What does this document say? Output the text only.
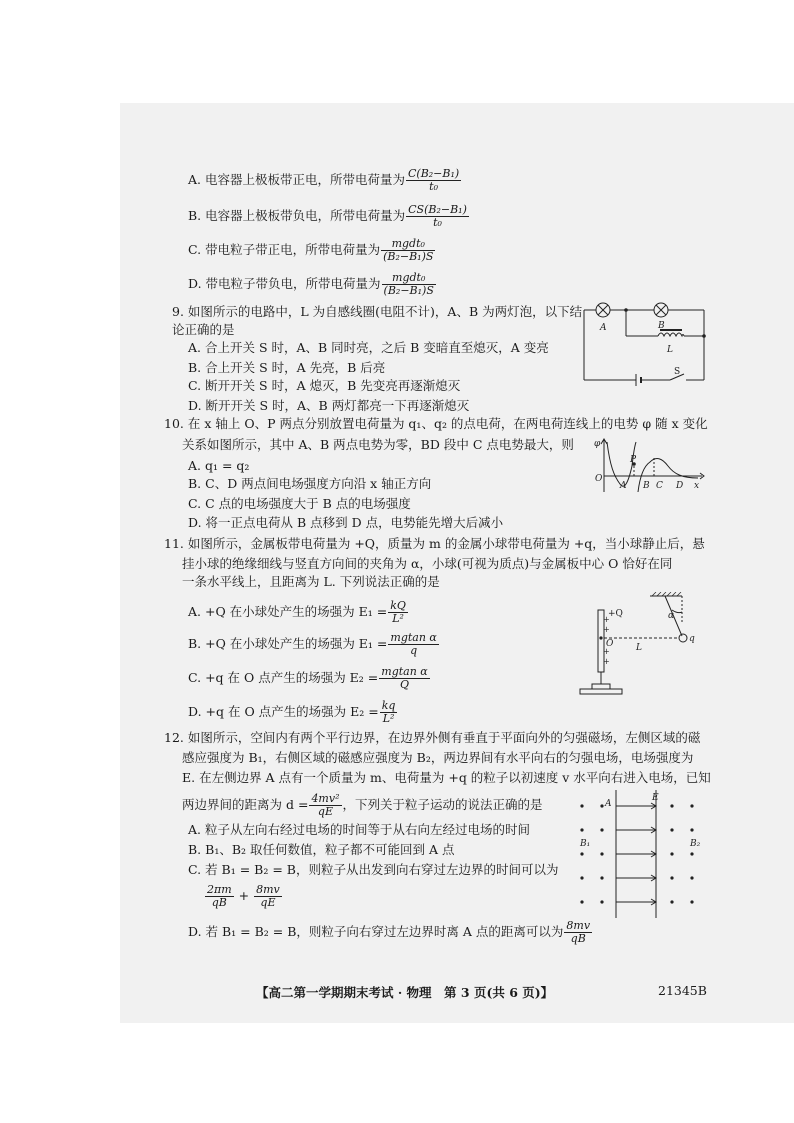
A. 电容器上极板带正电，所带电荷量为 $\frac{\text{C(B₂−B₁)}}{\text{t₀}}$
B. 电容器上极板带负电，所带电荷量为 $\frac{\text{CS(B₂−B₁)}}{\text{t₀}}$
C. 带电粒子带正电，所带电荷量为 $\frac{\text{mgdt₀}}{\text{(B₂−B₁)S}}$
D. 带电粒子带负电，所带电荷量为 $\frac{\text{mgdt₀}}{\text{(B₂−B₁)S}}$
9. 如图所示的电路中，L 为自感线圈(电阻不计)，A、B 为两灯泡，以下结
论正确的是
A. 合上开关 S 时，A、B 同时亮，之后 B 变暗直至熄灭，A 变亮
B. 合上开关 S 时，A 先亮，B 后亮
C. 断开开关 S 时，A 熄灭，B 先变亮再逐渐熄灭
D. 断开开关 S 时，A、B 两灯都亮一下再逐渐熄灭
A	B
L
S
10. 在 x 轴上 O、P 两点分别放置电荷量为 q₁、q₂ 的点电荷，在两电荷连线上的电势 φ 随 x 变化
关系如图所示，其中 A、B 两点电势为零，BD 段中 C 点电势最大，则
A. q₁ = q₂
B. C、D 两点间电场强度方向沿 x 轴正方向
C. C 点的电场强度大于 B 点的电场强度
D. 将一正点电荷从 B 点移到 D 点，电势能先增大后减小
φ
O
A
P
B C D x
11. 如图所示，金属板带电荷量为 +Q，质量为 m 的金属小球带电荷量为 +q，当小球静止后，悬
挂小球的绝缘细线与竖直方向间的夹角为 α，小球(可视为质点)与金属板中心 O 恰好在同
一条水平线上，且距离为 L. 下列说法正确的是
A. +Q 在小球处产生的场强为 $E_1 = \frac{kQ}{\text{L²}}$
B. +Q 在小球处产生的场强为 $E_1 = \frac{\text{mgtan α}}{q}$
C. +q 在 O 点产生的场强为 $E_2 = \frac{\text{mgtan α}}{Q}$
D. +q 在 O 点产生的场强为 $E_2 = \frac{kq}{\text{L²}}$
+Q
+
+
+
+
O	L
α
q
12. 如图所示，空间内有两个平行边界，在边界外侧有垂直于平面向外的匀强磁场，左侧区域的磁
感应强度为 B₁，右侧区域的磁感应强度为 B₂，两边界间有水平向右的匀强电场，电场强度为
E. 在左侧边界 A 点有一个质量为 m、电荷量为 +q 的粒子以初速度 v 水平向右进入电场，已知
两边界间的距离为 $d = \frac{\text{4mv²}}{qE}$ ，下列关于粒子运动的说法正确的是
A. 粒子从左向右经过电场的时间等于从右向左经过电场的时间
B. B₁、B₂ 取任何数值，粒子都不可能回到 A 点
C. 若 B₁ = B₂ = B，则粒子从出发到向右穿过左边界的时间可以为
$\frac{2\pi m}{qB} + \frac{8mv}{qE}$
D. 若 B₁ = B₂ = B，则粒子向右穿过左边界时离 A 点的距离可以为 $\frac{8mv}{qB}$
A
E
B₁	B₂
【高二第一学期期末考试 · 物理　第 3 页(共 6 页)】	21345B
